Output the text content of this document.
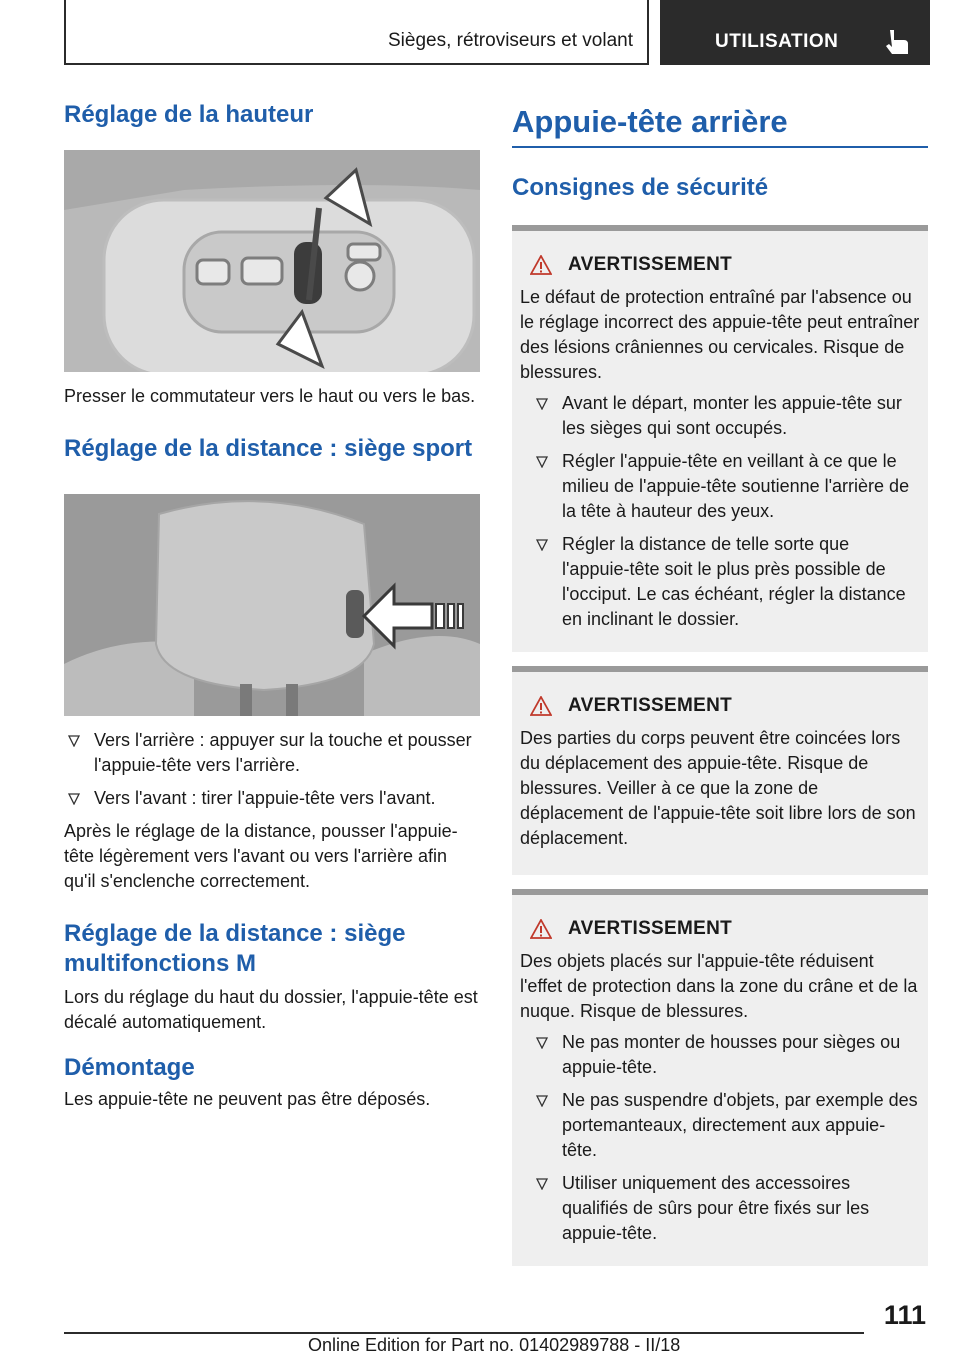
Sièges, rétroviseurs et volant	UTILISATION
Réglage de la hauteur

Presser le commutateur vers le haut ou vers le bas.

Réglage de la distance : siège sport
Vers l'arrière : appuyer sur la touche et pousser l'appuie-tête vers l'arrière.
Vers l'avant : tirer l'appuie-tête vers l'avant.

Après le réglage de la distance, pousser l'appuie-tête légèrement vers l'avant ou vers l'arrière afin qu'il s'enclenche correctement.

Réglage de la distance : siège multifonctions M

Lors du réglage du haut du dossier, l'appuie-tête est décalé automatiquement.

Démontage

Les appuie-tête ne peuvent pas être déposés.

Appuie-tête arrière
Consignes de sécurité
AVERTISSEMENT

Le défaut de protection entraîné par l'absence ou le réglage incorrect des appuie-tête peut entraîner des lésions crâniennes ou cervicales. Risque de blessures.

Avant le départ, monter les appuie-tête sur les sièges qui sont occupés.
Régler l'appuie-tête en veillant à ce que le milieu de l'appuie-tête soutienne l'arrière de la tête à hauteur des yeux.
Régler la distance de telle sorte que l'appuie-tête soit le plus près possible de l'occiput. Le cas échéant, régler la distance en inclinant le dossier.
AVERTISSEMENT

Des parties du corps peuvent être coincées lors du déplacement des appuie-tête. Risque de blessures. Veiller à ce que la zone de déplacement de l'appuie-tête soit libre lors de son déplacement.

AVERTISSEMENT

Des objets placés sur l'appuie-tête réduisent l'effet de protection dans la zone du crâne et de la nuque. Risque de blessures.

Ne pas monter de housses pour sièges ou appuie-tête.
Ne pas suspendre d'objets, par exemple des portemanteaux, directement aux appuie-tête.
Utiliser uniquement des accessoires qualifiés de sûrs pour être fixés sur les appuie-tête.
111
Online Edition for Part no. 01402989788 - II/18
